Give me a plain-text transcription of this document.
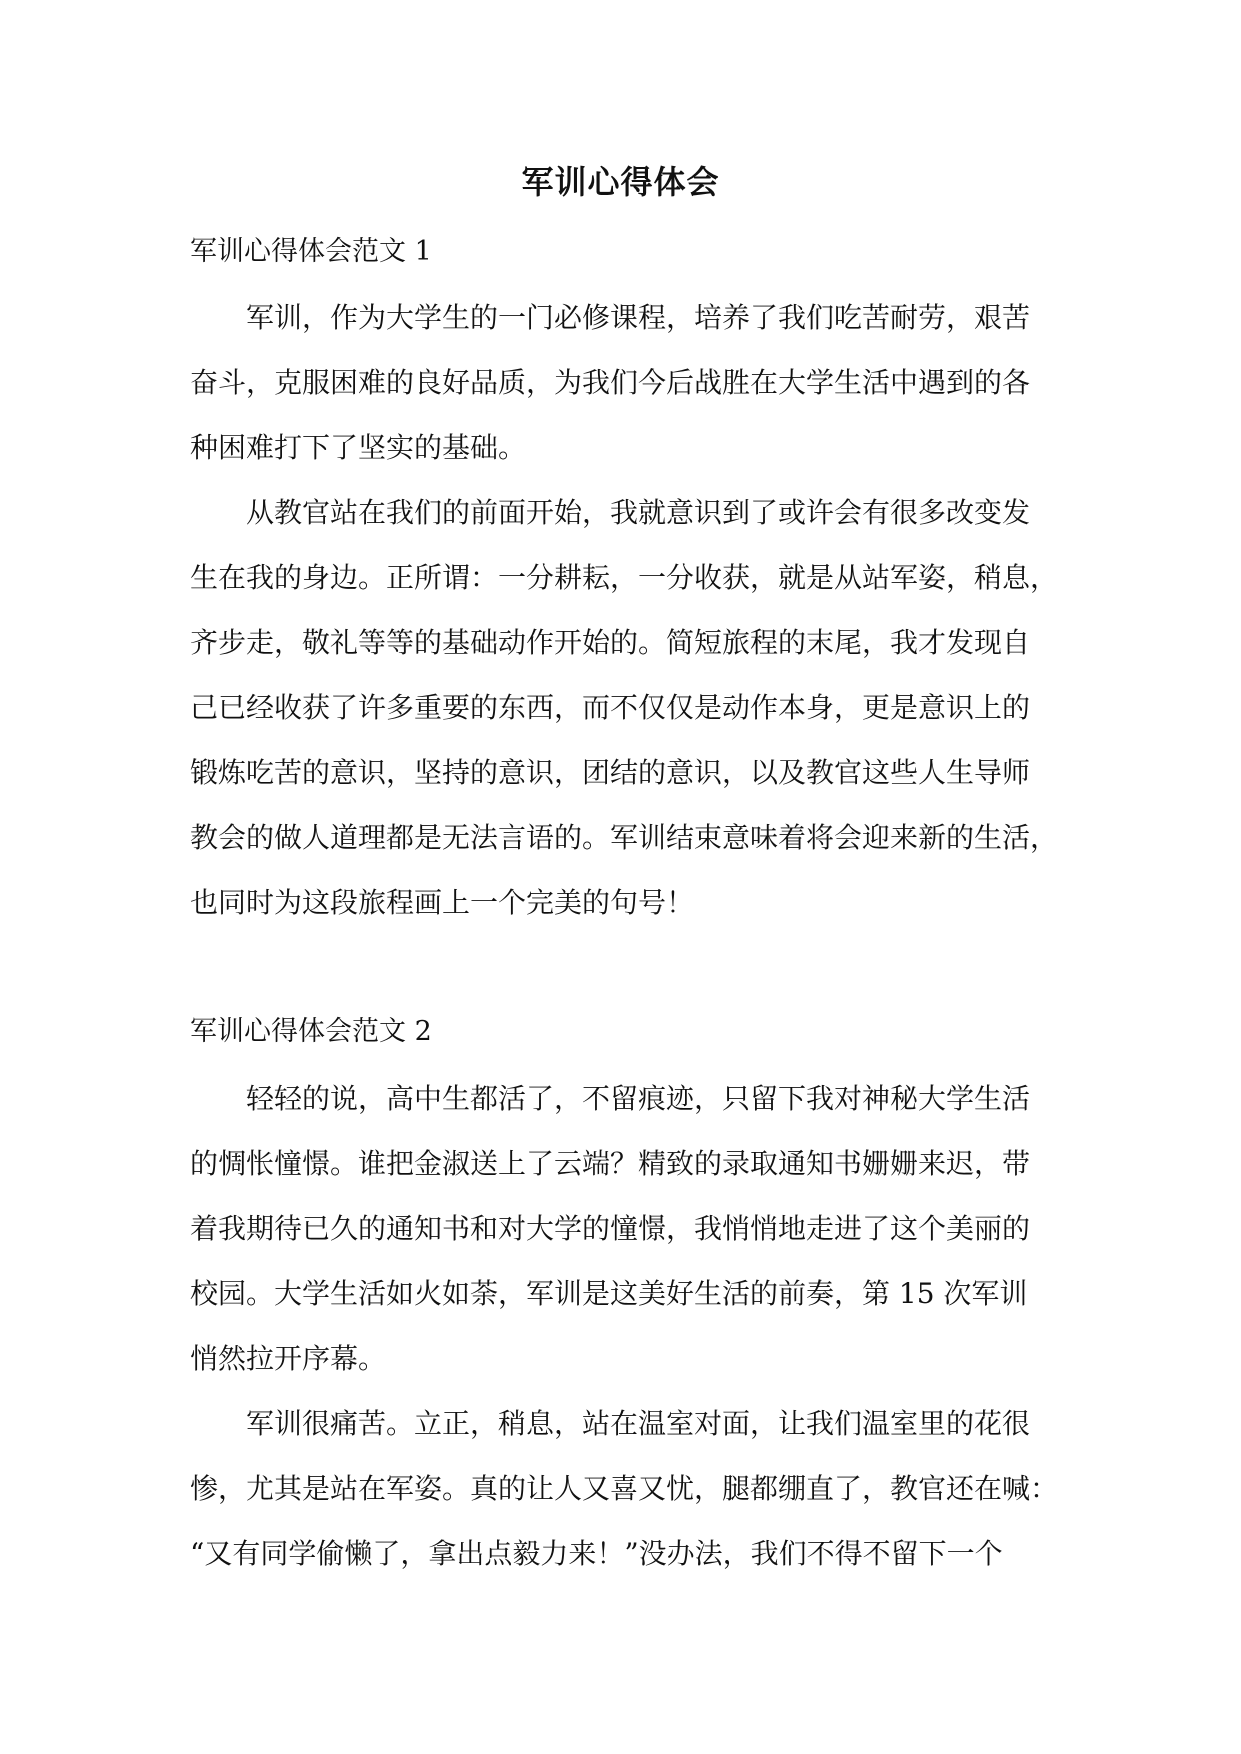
军训心得体会
军训心得体会范文 1
军训，作为大学生的一门必修课程，培养了我们吃苦耐劳，艰苦
奋斗，克服困难的良好品质，为我们今后战胜在大学生活中遇到的各
种困难打下了坚实的基础。
从教官站在我们的前面开始，我就意识到了或许会有很多改变发
生在我的身边。正所谓：一分耕耘，一分收获，就是从站军姿，稍息，
齐步走，敬礼等等的基础动作开始的。简短旅程的末尾，我才发现自
己已经收获了许多重要的东西，而不仅仅是动作本身，更是意识上的
锻炼吃苦的意识，坚持的意识，团结的意识，以及教官这些人生导师
教会的做人道理都是无法言语的。军训结束意味着将会迎来新的生活，
也同时为这段旅程画上一个完美的句号！
军训心得体会范文 2
轻轻的说，高中生都活了，不留痕迹，只留下我对神秘大学生活
的惆怅憧憬。谁把金淑送上了云端？精致的录取通知书姗姗来迟，带
着我期待已久的通知书和对大学的憧憬，我悄悄地走进了这个美丽的
校园。大学生活如火如荼，军训是这美好生活的前奏，第 15 次军训
悄然拉开序幕。
军训很痛苦。立正，稍息，站在温室对面，让我们温室里的花很
惨，尤其是站在军姿。真的让人又喜又忧，腿都绷直了，教官还在喊：
“又有同学偷懒了，拿出点毅力来！”没办法，我们不得不留下一个
